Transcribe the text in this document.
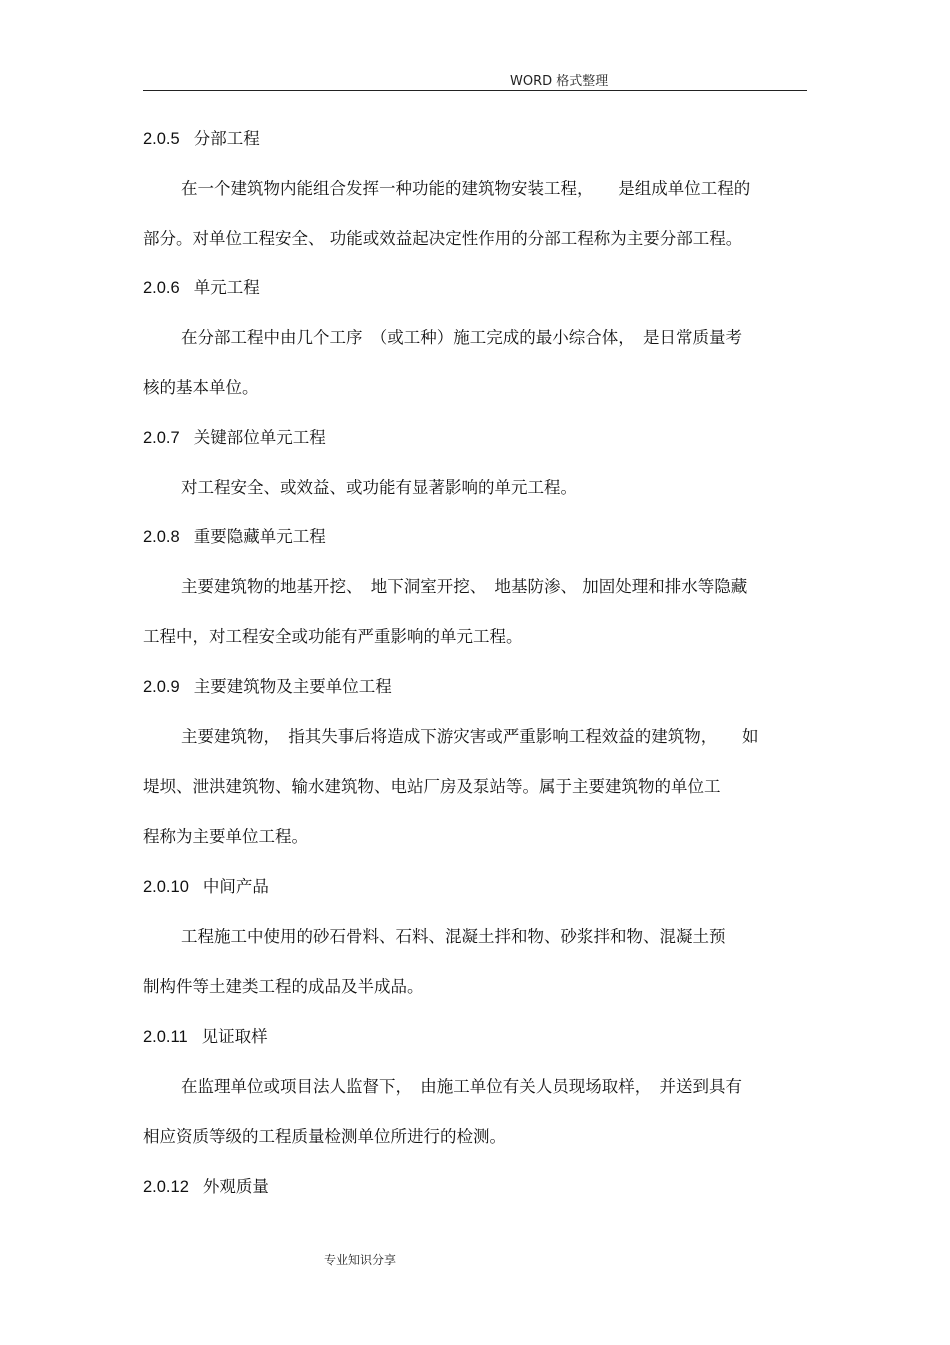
WORD 格式整理
2.0.5 分部工程
在一个建筑物内能组合发挥一种功能的建筑物安装工程，　　是组成单位工程的
部分。对单位工程安全、 功能或效益起决定性作用的分部工程称为主要分部工程。
2.0.6 单元工程
在分部工程中由几个工序　（或工种）施工完成的最小综合体，　是日常质量考
核的基本单位。
2.0.7 关键部位单元工程
对工程安全、或效益、或功能有显著影响的单元工程。
2.0.8 重要隐藏单元工程
主要建筑物的地基开挖、　地下洞室开挖、　地基防渗、 加固处理和排水等隐藏
工程中，对工程安全或功能有严重影响的单元工程。
2.0.9 主要建筑物及主要单位工程
主要建筑物，　指其失事后将造成下游灾害或严重影响工程效益的建筑物，　　如
堤坝、泄洪建筑物、输水建筑物、电站厂房及泵站等。属于主要建筑物的单位工
程称为主要单位工程。
2.0.10 中间产品
工程施工中使用的砂石骨料、石料、混凝土拌和物、砂浆拌和物、混凝土预
制构件等土建类工程的成品及半成品。
2.0.11 见证取样
在监理单位或项目法人监督下，　由施工单位有关人员现场取样，　并送到具有
相应资质等级的工程质量检测单位所进行的检测。
2.0.12 外观质量
专业知识分享
